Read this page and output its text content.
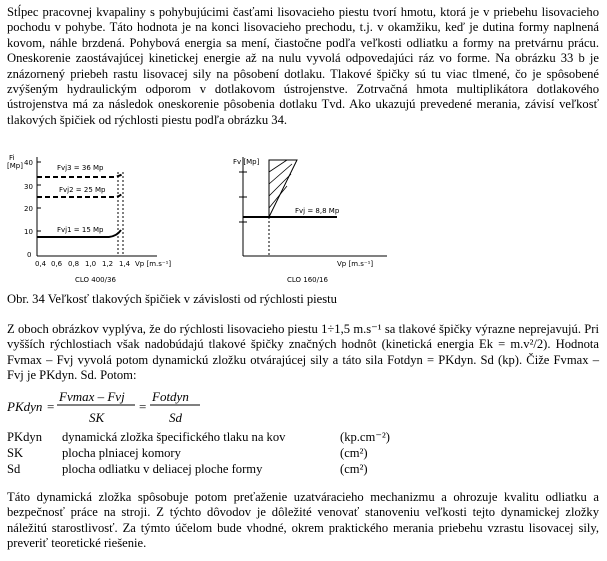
Stĺpec pracovnej kvapaliny s pohybujúcimi časťami lisovacieho piestu tvorí hmotu, ktorá je v priebehu lisovacieho pochodu v pohybe. Táto hodnota je na konci lisovacieho prechodu, t.j. v okamžiku, keď je dutina formy naplnená kovom, náhle brzdená. Pohybová energia sa mení, čiastočne podľa veľkosti odliatku a formy na pretvárnu prácu. Oneskorenie zaostávajúcej kinetickej energie až na nulu vyvolá odpovedajúci ráz vo forme. Na obrázku 33 b je znázornený priebeh rastu lisovacej sily na pôsobení dotlaku. Tlakové špičky sú tu viac tlmené, čo je spôsobené zvýšeným hydraulickým odporom v dotlakovom ústrojenstve. Zotrvačná hmota multiplikátora dotlakového ústrojenstva má za následok oneskorenie pôsobenia dotlaku Tvd. Ako ukazujú prevedené merania, závisí veľkosť tlakových špičiek od rýchlosti piestu podľa obrázku 34.

Fi
[Mp] 40
30
20
10
0
Fvj3 = 36 Mp
Fvj2 = 25 Mp
Fvj1 = 15 Mp
0,4 0,6 0,8 1,0 1,2 1,4 Vp [m.s⁻¹]
CLO 400/36
Fv [Mp]
Fvj = 8,8 Mp
Vp [m.s⁻¹]
CLO 160/16
Obr. 34 Veľkosť tlakových špičiek v závislosti od rýchlosti piestu

Z oboch obrázkov vyplýva, že do rýchlosti lisovacieho piestu 1÷1,5 m.s⁻¹ sa tlakové špičky výrazne neprejavujú. Pri vyšších rýchlostiach však nadobúdajú tlakové špičky značných hodnôt (kinetická energia Ek = m.v²/2). Hodnota Fvmax – Fvj vyvolá potom dynamickú zložku otvárajúcej sily a táto sila Fotdyn = PKdyn. Sd (kp). Čiže Fvmax – Fvj je PKdyn. Sd. Potom:

PKdyn =
Fvmax – Fvj
SK
=
Fotdyn
Sd
PKdyn dynamická zložka špecifického tlaku na kov	(kp.cm⁻²)
SK	plocha plniacej komory	(cm²)
Sd	plocha odliatku v deliacej ploche formy	(cm²)

Táto dynamická zložka spôsobuje potom preťaženie uzatváracieho mechanizmu a ohrozuje kvalitu odliatku a bezpečnosť práce na stroji. Z týchto dôvodov je dôležité venovať stanoveniu veľkosti tejto dynamickej zložky náležitú starostlivosť. Za týmto účelom bude vhodné, okrem praktického merania priebehu vzrastu lisovacej sily, preveriť teoretické riešenie.
